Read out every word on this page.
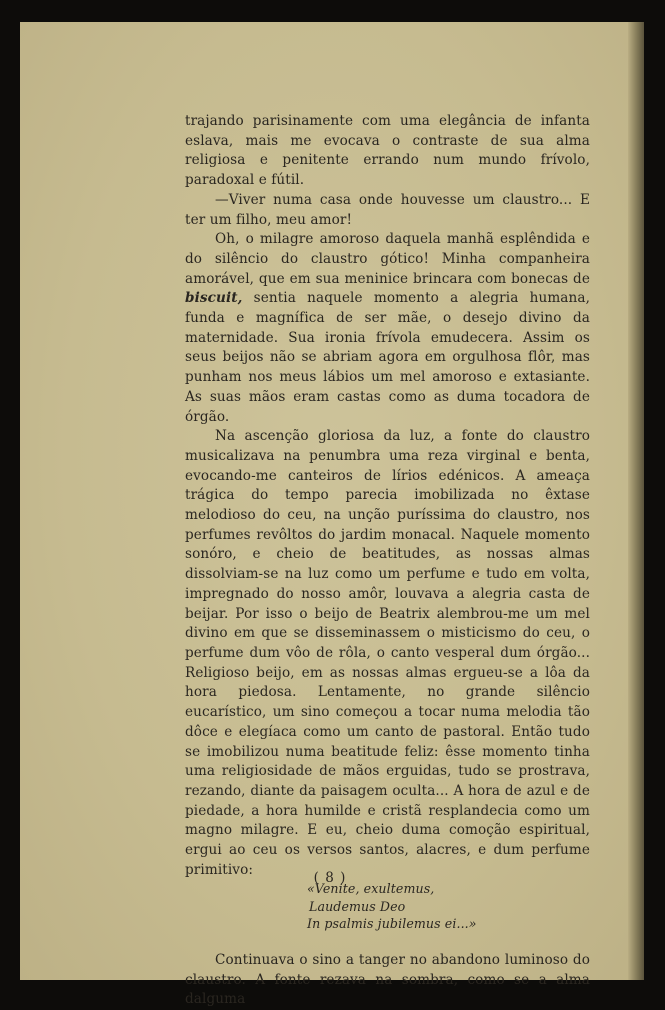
trajando parisinamente com uma elegância de infanta eslava, mais me evocava o contraste de sua alma religiosa e penitente errando num mundo frívolo, paradoxal e fútil.

—Viver numa casa onde houvesse um claustro... E ter um filho, meu amor!

Oh, o milagre amoroso daquela manhã esplêndida e do silêncio do claustro gótico! Minha companheira amorável, que em sua meninice brincara com bonecas de biscuit, sentia naquele momento a alegria humana, funda e magnífica de ser mãe, o desejo divino da maternidade. Sua ironia frívola emudecera. Assim os seus beijos não se abriam agora em orgulhosa flôr, mas punham nos meus lábios um mel amoroso e extasiante. As suas mãos eram castas como as duma tocadora de órgão.

Na ascenção gloriosa da luz, a fonte do claustro musicalizava na penumbra uma reza virginal e benta, evocando-me canteiros de lírios edénicos. A ameaça trágica do tempo parecia imobilizada no êxtase melodioso do ceu, na unção puríssima do claustro, nos perfumes revôltos do jardim monacal. Naquele momento sonóro, e cheio de beatitudes, as nossas almas dissolviam-se na luz como um perfume e tudo em volta, impregnado do nosso amôr, louvava a alegria casta de beijar. Por isso o beijo de Beatrix alembrou-me um mel divino em que se disseminassem o misticismo do ceu, o perfume dum vôo de rôla, o canto vesperal dum órgão... Religioso beijo, em as nossas almas ergueu-se a lôa da hora piedosa. Lentamente, no grande silêncio eucarístico, um sino começou a tocar numa melodia tão dôce e elegíaca como um canto de pastoral. Então tudo se imobilizou numa beatitude feliz: êsse momento tinha uma religiosidade de mãos erguidas, tudo se prostrava, rezando, diante da paisagem oculta... A hora de azul e de piedade, a hora humilde e cristã resplandecia como um magno milagre. E eu, cheio duma comoção espiritual, ergui ao ceu os versos santos, alacres, e dum perfume primitivo:

«Venite, exultemus,
Laudemus Deo
In psalmis jubilemus ei...»

Continuava o sino a tanger no abandono luminoso do claustro. A fonte rezava na sombra, como se a alma dalguma

( 8 )
